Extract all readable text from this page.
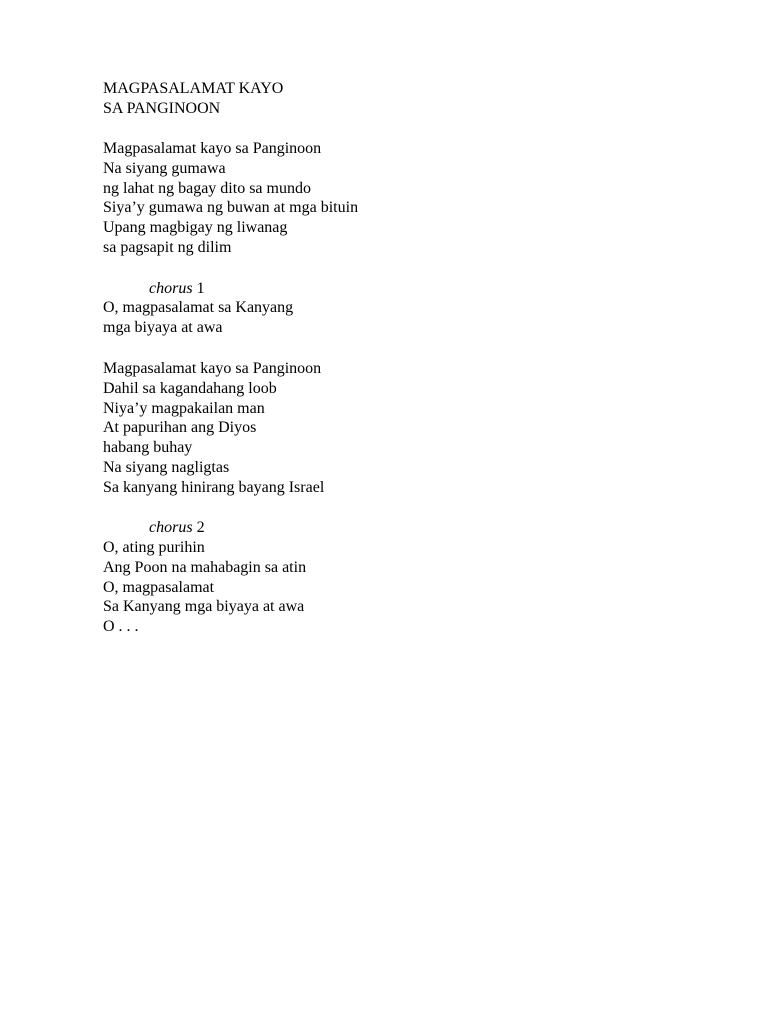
MAGPASALAMAT KAYO
SA PANGINOON
Magpasalamat kayo sa Panginoon
Na siyang gumawa
ng lahat ng bagay dito sa mundo
Siya’y gumawa ng buwan at mga bituin
Upang magbigay ng liwanag
sa pagsapit ng dilim
chorus 1
O, magpasalamat sa Kanyang
mga biyaya at awa
Magpasalamat kayo sa Panginoon
Dahil sa kagandahang loob
Niya’y magpakailan man
At papurihan ang Diyos
habang buhay
Na siyang nagligtas
Sa kanyang hinirang bayang Israel
chorus 2
O, ating purihin
Ang Poon na mahabagin sa atin
O, magpasalamat
Sa Kanyang mga biyaya at awa
O . . .
